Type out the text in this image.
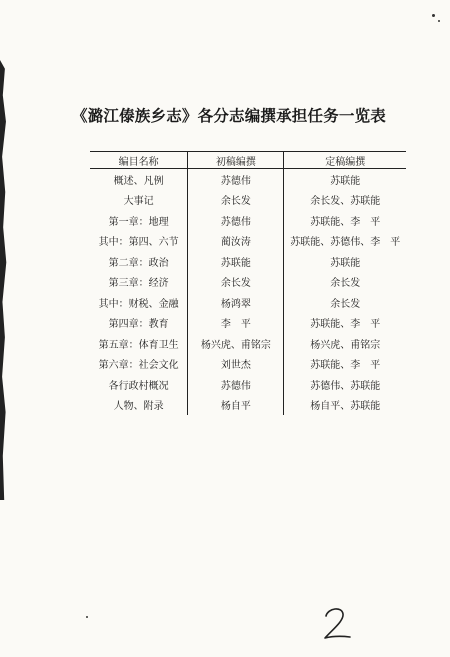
《潞江傣族乡志》各分志编撰承担任务一览表
编目名称	初稿编撰	定稿编撰
概述、凡例	苏德伟	苏联能
大事记	余长发	余长发、苏联能
第一章：地理	苏德伟	苏联能、李　平
其中：第四、六节	蔺汝涛	苏联能、苏德伟、李　平
第二章：政治	苏联能	苏联能
第三章：经济	余长发	余长发
其中：财税、金融	杨鸿翠	余长发
第四章：教育	李　平	苏联能、李　平
第五章：体育卫生	杨兴虎、甫铭宗	杨兴虎、甫铭宗
第六章：社会文化	刘世杰	苏联能、李　平
各行政村概况	苏德伟	苏德伟、苏联能
人物、附录	杨自平	杨自平、苏联能
